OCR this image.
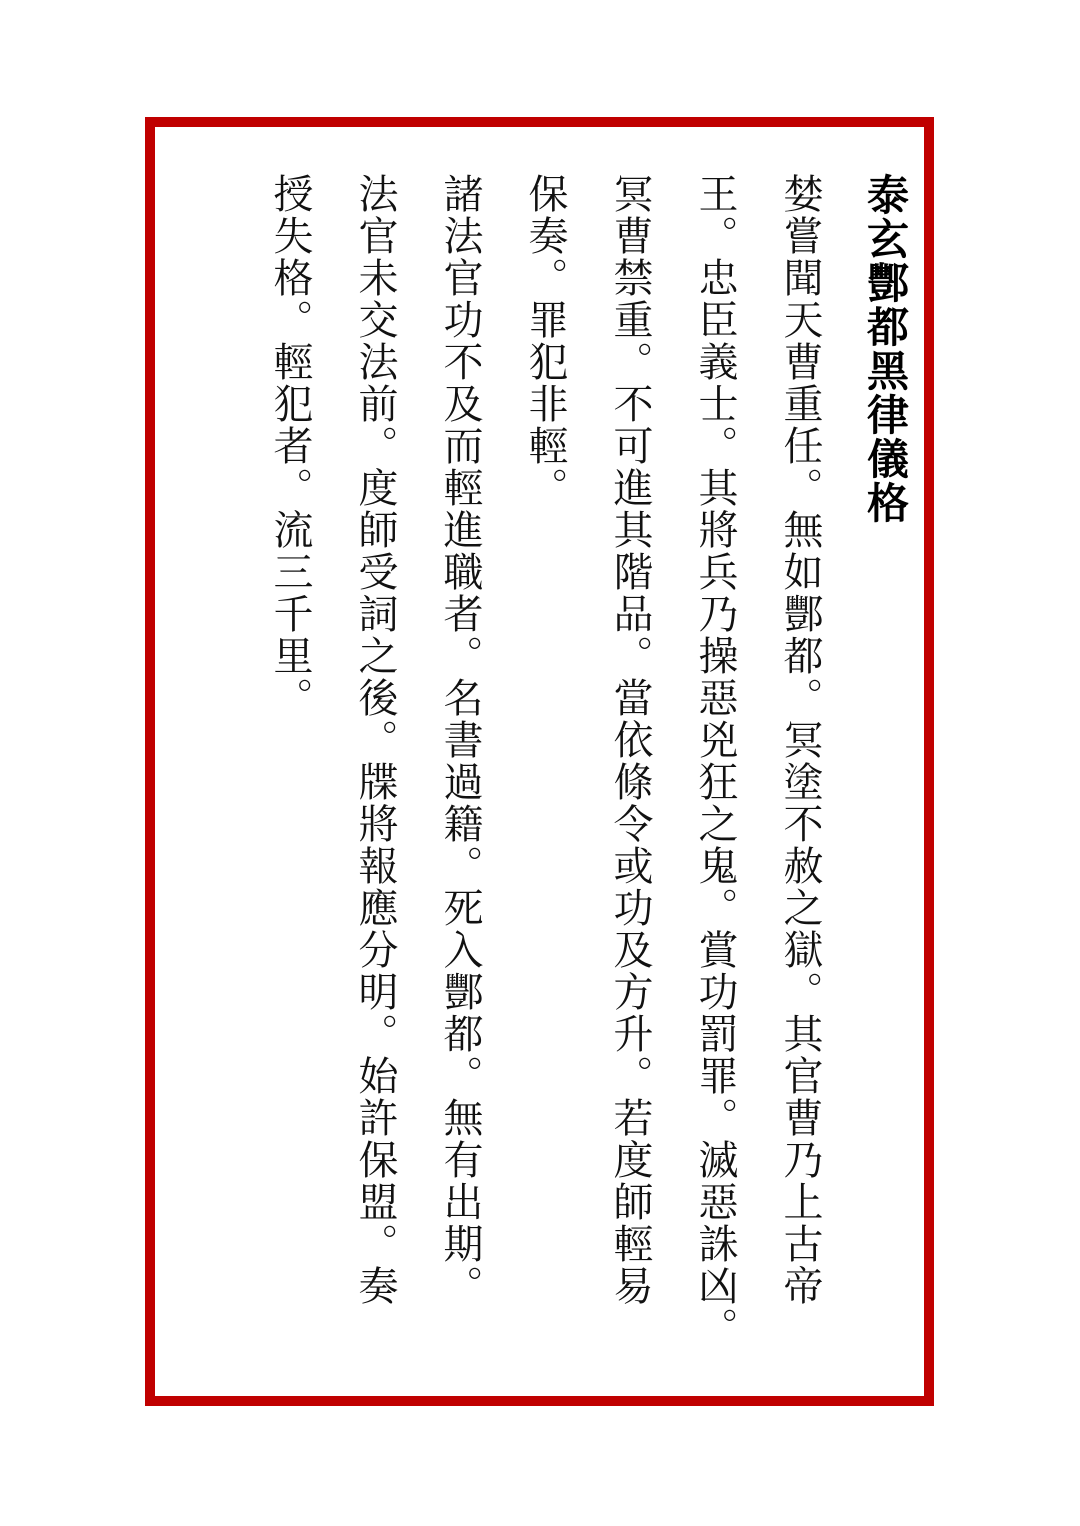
泰玄酆都黑律儀格
婪嘗聞天曹重任。無如酆都。冥塗不赦之獄。其官曹乃上古帝
王。忠臣義士。其將兵乃操惡兇狂之鬼。賞功罰罪。滅惡誅凶。
冥曹禁重。不可進其階品。當依條令或功及方升。若度師輕易
保奏。罪犯非輕。
諸法官功不及而輕進職者。名書過籍。死入酆都。無有出期。
法官未交法前。度師受詞之後。牒將報應分明。始許保盟。奏
授失格。輕犯者。流三千里。
